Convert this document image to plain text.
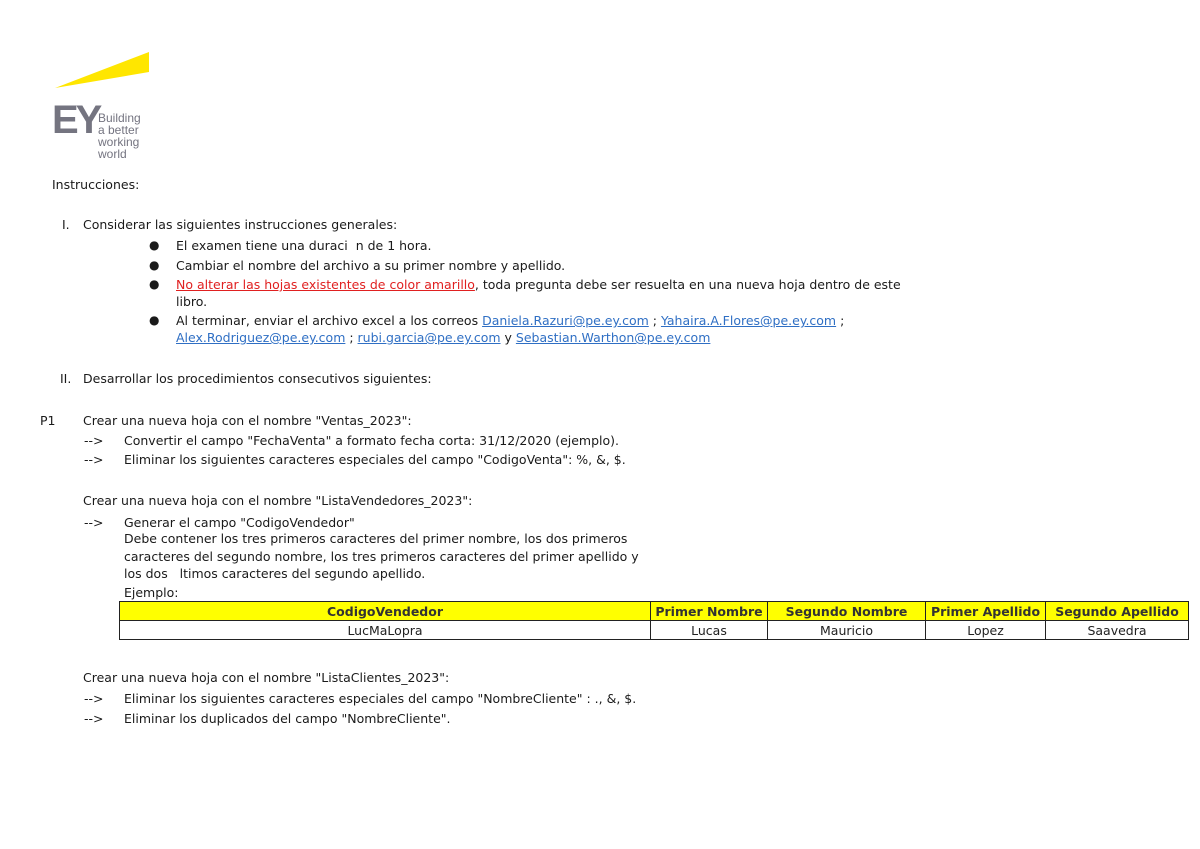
EY
Building a better
working world
Instrucciones:
I. Considerar las siguientes instrucciones generales:
● El examen tiene una duraci  n de 1 hora.
● Cambiar el nombre del archivo a su primer nombre y apellido.
● No alterar las hojas existentes de color amarillo, toda pregunta debe ser resuelta en una nueva hoja dentro de este
libro.
● Al terminar, enviar el archivo excel a los correos Daniela.Razuri@pe.ey.com ; Yahaira.A.Flores@pe.ey.com ;
Alex.Rodriguez@pe.ey.com ; rubi.garcia@pe.ey.com y Sebastian.Warthon@pe.ey.com
II. Desarrollar los procedimientos consecutivos siguientes:
P1 Crear una nueva hoja con el nombre "Ventas_2023":
--> Convertir el campo "FechaVenta" a formato fecha corta: 31/12/2020 (ejemplo).
--> Eliminar los siguientes caracteres especiales del campo "CodigoVenta": %, &, $.
Crear una nueva hoja con el nombre "ListaVendedores_2023":
--> Generar el campo "CodigoVendedor"
Debe contener los tres primeros caracteres del primer nombre, los dos primeros
caracteres del segundo nombre, los tres primeros caracteres del primer apellido y
los dos   ltimos caracteres del segundo apellido.
Ejemplo:
CodigoVendedor	Primer Nombre	Segundo Nombre	Primer Apellido	Segundo Apellido
LucMaLopra	Lucas	Mauricio	Lopez	Saavedra
Crear una nueva hoja con el nombre "ListaClientes_2023":
--> Eliminar los siguientes caracteres especiales del campo "NombreCliente" : ., &, $.
--> Eliminar los duplicados del campo "NombreCliente".
